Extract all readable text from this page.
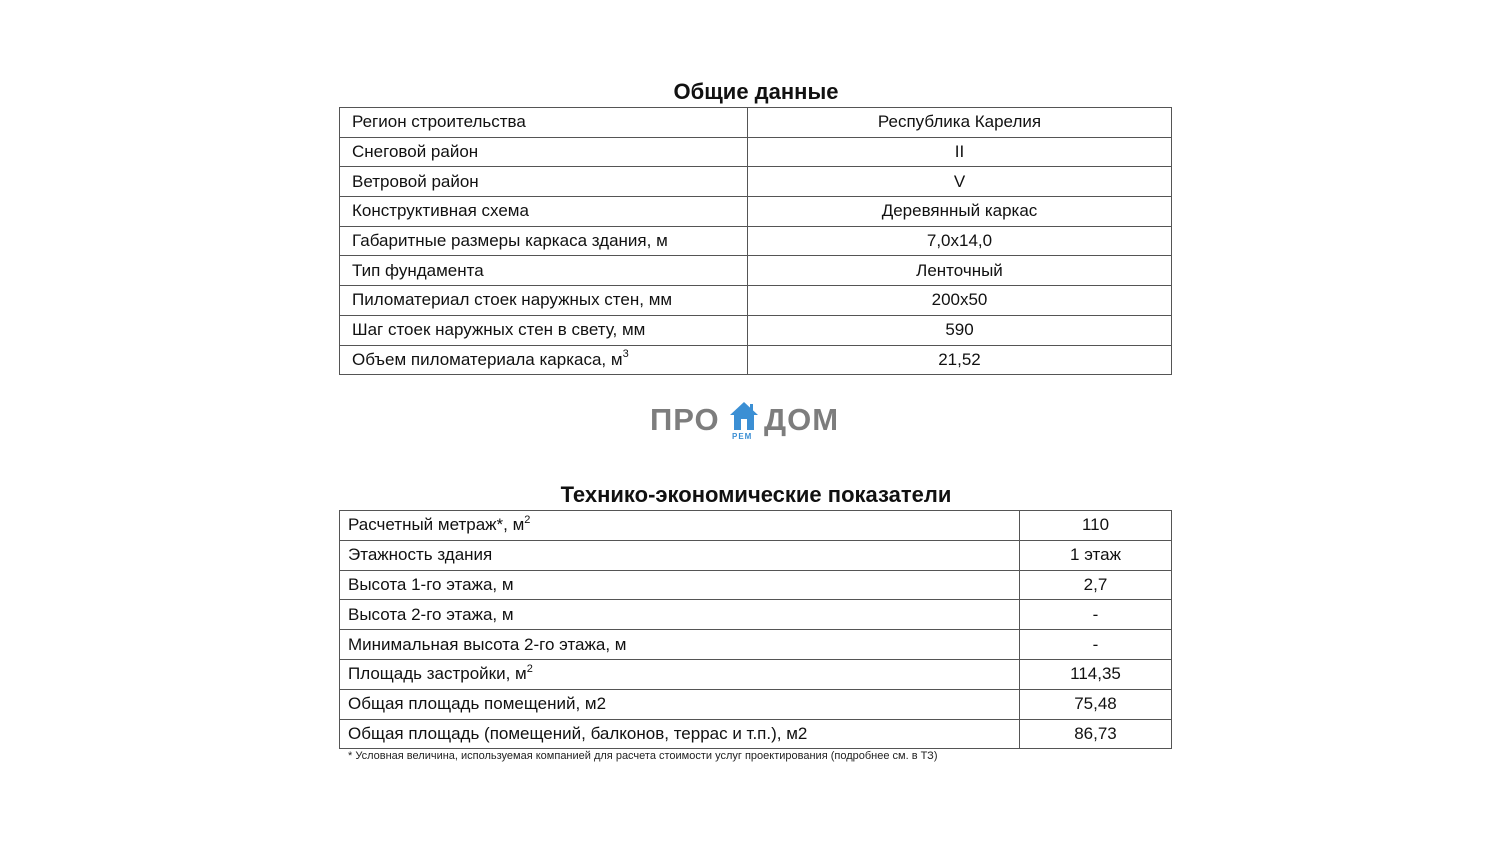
Общие данные
Регион строительства	Республика Карелия
Снеговой район	II
Ветровой район	V
Конструктивная схема	Деревянный каркас
Габаритные размеры каркаса здания, м	7,0х14,0
Тип фундамента	Ленточный
Пиломатериал стоек наружных стен, мм	200х50
Шаг стоек наружных стен в свету, мм	590
Объем пиломатериала каркаса, $м^3$	21,52
ПРО РЕМ ДОМ
Технико-экономические показатели
Расчетный метраж*, $м^2$	110
Этажность здания	1 этаж
Высота 1-го этажа, м	2,7
Высота 2-го этажа, м	-
Минимальная высота 2-го этажа, м	-
Площадь застройки, $м^2$	114,35
Общая площадь помещений, м2	75,48
Общая площадь (помещений, балконов, террас и т.п.), м2	86,73
* Условная величина, используемая компанией для расчета стоимости услуг проектирования (подробнее см. в ТЗ)
